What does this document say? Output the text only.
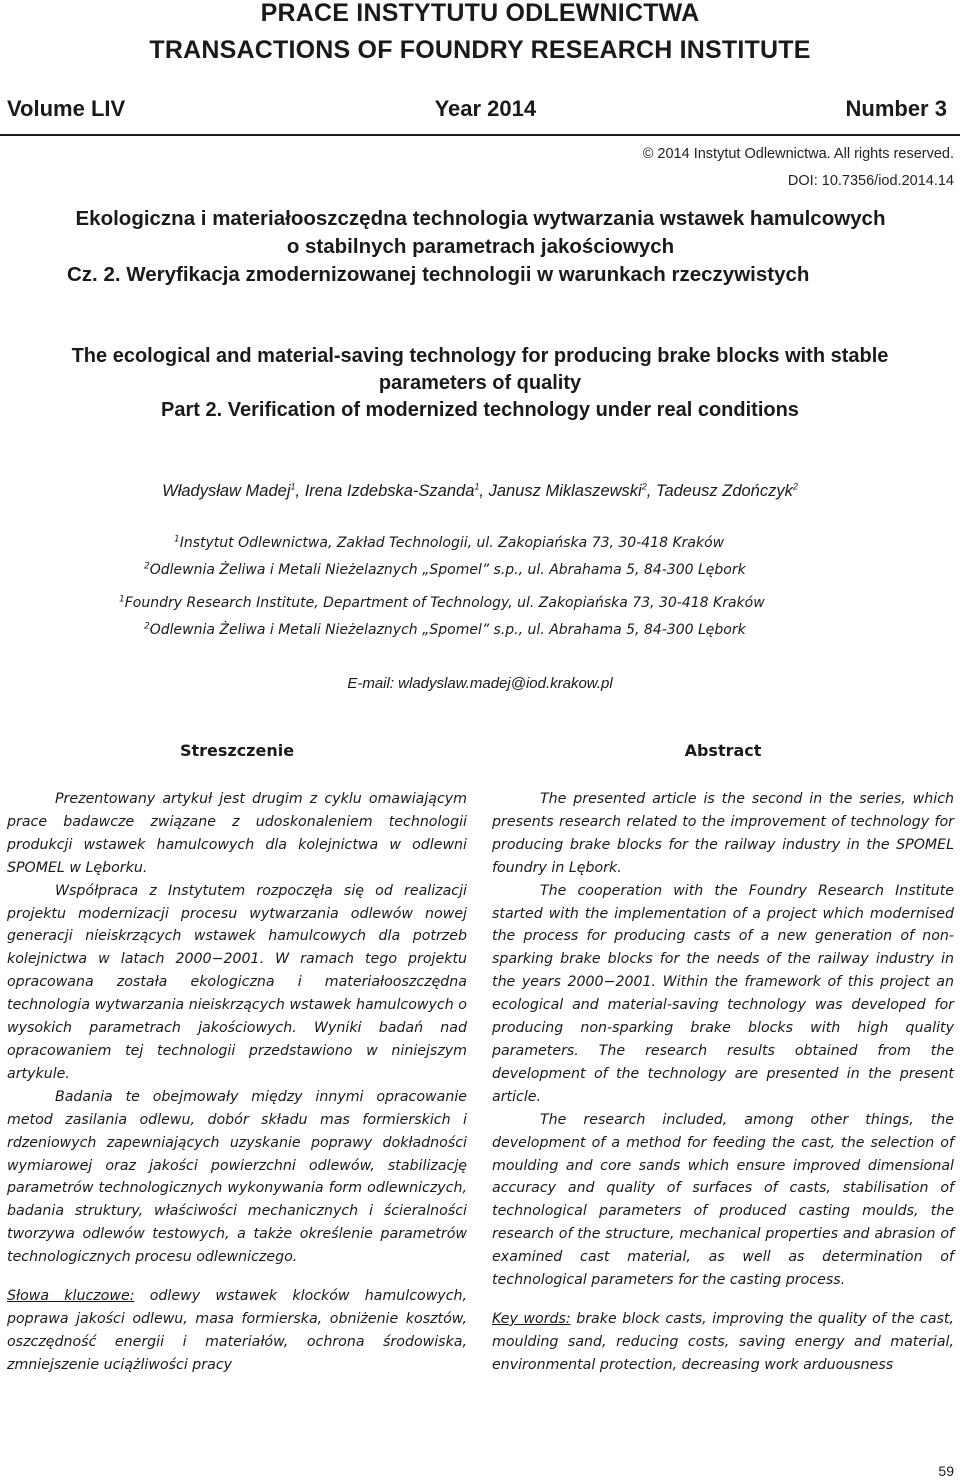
PRACE INSTYTUTU ODLEWNICTWA
TRANSACTIONS OF FOUNDRY RESEARCH INSTITUTE
Volume LIV	Year 2014	Number 3
© 2014 Instytut Odlewnictwa. All rights reserved.
DOI: 10.7356/iod.2014.14
Ekologiczna i materiałooszczędna technologia wytwarzania wstawek hamulcowych
o stabilnych parametrach jakościowych
Cz. 2. Weryfikacja zmodernizowanej technologii w warunkach rzeczywistych
The ecological and material-saving technology for producing brake blocks with stable
parameters of quality
Part 2. Verification of modernized technology under real conditions
Władysław Madej$^1$, Irena Izdebska-Szanda$^1$, Janusz Miklaszewski$^2$, Tadeusz Zdończyk$^2$
$^1$Instytut Odlewnictwa, Zakład Technologii, ul. Zakopiańska 73, 30-418 Kraków
$^2$Odlewnia Żeliwa i Metali Nieżelaznych „Spomel” s.p., ul. Abrahama 5, 84-300 Lębork
$^1$Foundry Research Institute, Department of Technology, ul. Zakopiańska 73, 30-418 Kraków
$^2$Odlewnia Żeliwa i Metali Nieżelaznych „Spomel” s.p., ul. Abrahama 5, 84-300 Lębork
E-mail: wladyslaw.madej@iod.krakow.pl
Streszczenie	Abstract

Prezentowany artykuł jest drugim z cyklu omawiającym prace badawcze związane z udoskonaleniem technologii produkcji wstawek hamulcowych dla kolejnictwa w odlewni SPOMEL w Lęborku.

Współpraca z Instytutem rozpoczęła się od realizacji projektu modernizacji procesu wytwarzania odlewów nowej generacji nieiskrzących wstawek hamulcowych dla potrzeb kolejnictwa w latach 2000−2001. W ramach tego projektu opracowana została ekologiczna i materiałooszczędna technologia wytwarzania nieiskrzących wstawek hamulcowych o wysokich parametrach jakościowych. Wyniki badań nad opracowaniem tej technologii przedstawiono w niniejszym artykule.

Badania te obejmowały między innymi opracowanie metod zasilania odlewu, dobór składu mas formierskich i rdzeniowych zapewniających uzyskanie poprawy dokładności wymiarowej oraz jakości powierzchni odlewów, stabilizację parametrów technologicznych wykonywania form odlewniczych, badania struktury, właściwości mechanicznych i ścieralności tworzywa odlewów testowych, a także określenie parametrów technologicznych procesu odlewniczego.

Słowa kluczowe: odlewy wstawek klocków hamulcowych, poprawa jakości odlewu, masa formierska, obniżenie kosztów, oszczędność energii i materiałów, ochrona środowiska, zmniejszenie uciążliwości pracy

The presented article is the second in the series, which presents research related to the improvement of technology for producing brake blocks for the railway industry in the SPOMEL foundry in Lębork.

The cooperation with the Foundry Research Institute started with the implementation of a project which modernised the process for producing casts of a new generation of non-sparking brake blocks for the needs of the railway industry in the years 2000−2001. Within the framework of this project an ecological and material-saving technology was developed for producing non-sparking brake blocks with high quality parameters. The research results obtained from the development of the technology are presented in the present article.

The research included, among other things, the development of a method for feeding the cast, the selection of moulding and core sands which ensure improved dimensional accuracy and quality of surfaces of casts, stabilisation of technological parameters of produced casting moulds, the research of the structure, mechanical properties and abrasion of examined cast material, as well as determination of technological parameters for the casting process.

Key words: brake block casts, improving the quality of the cast, moulding sand, reducing costs, saving energy and material, environmental protection, decreasing work arduousness

59
